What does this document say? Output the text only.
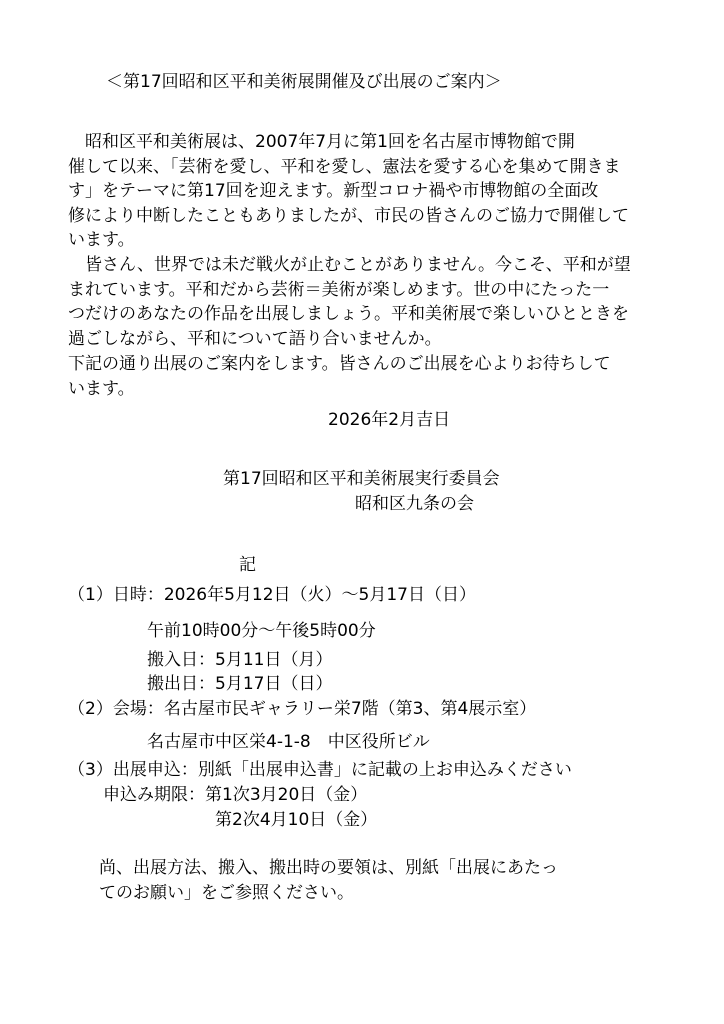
＜第17回昭和区平和美術展開催及び出展のご案内＞
　昭和区平和美術展は、2007年7月に第1回を名古屋市博物館で開
催して以来、「芸術を愛し、平和を愛し、憲法を愛する心を集めて開きま
す」をテーマに第17回を迎えます。新型コロナ禍や市博物館の全面改
修により中断したこともありましたが、市民の皆さんのご協力で開催して
います。
　皆さん、世界では未だ戦火が止むことがありません。今こそ、平和が望
まれています。平和だから芸術＝美術が楽しめます。世の中にたった一
つだけのあなたの作品を出展しましょう。平和美術展で楽しいひとときを
過ごしながら、平和について語り合いませんか。
下記の通り出展のご案内をします。皆さんのご出展を心よりお待ちして
います。
2026年2月吉日
第17回昭和区平和美術展実行委員会
昭和区九条の会
記
（1）日時：2026年5月12日（火）～5月17日（日）
午前10時00分～午後5時00分
搬入日：5月11日（月）
搬出日：5月17日（日）
（2）会場：名古屋市民ギャラリー栄7階（第3、第4展示室）
名古屋市中区栄4-1-8　中区役所ビル
（3）出展申込：別紙「出展申込書」に記載の上お申込みください
申込み期限：第1次3月20日（金）
第2次4月10日（金）
尚、出展方法、搬入、搬出時の要領は、別紙「出展にあたっ
てのお願い」をご参照ください。
